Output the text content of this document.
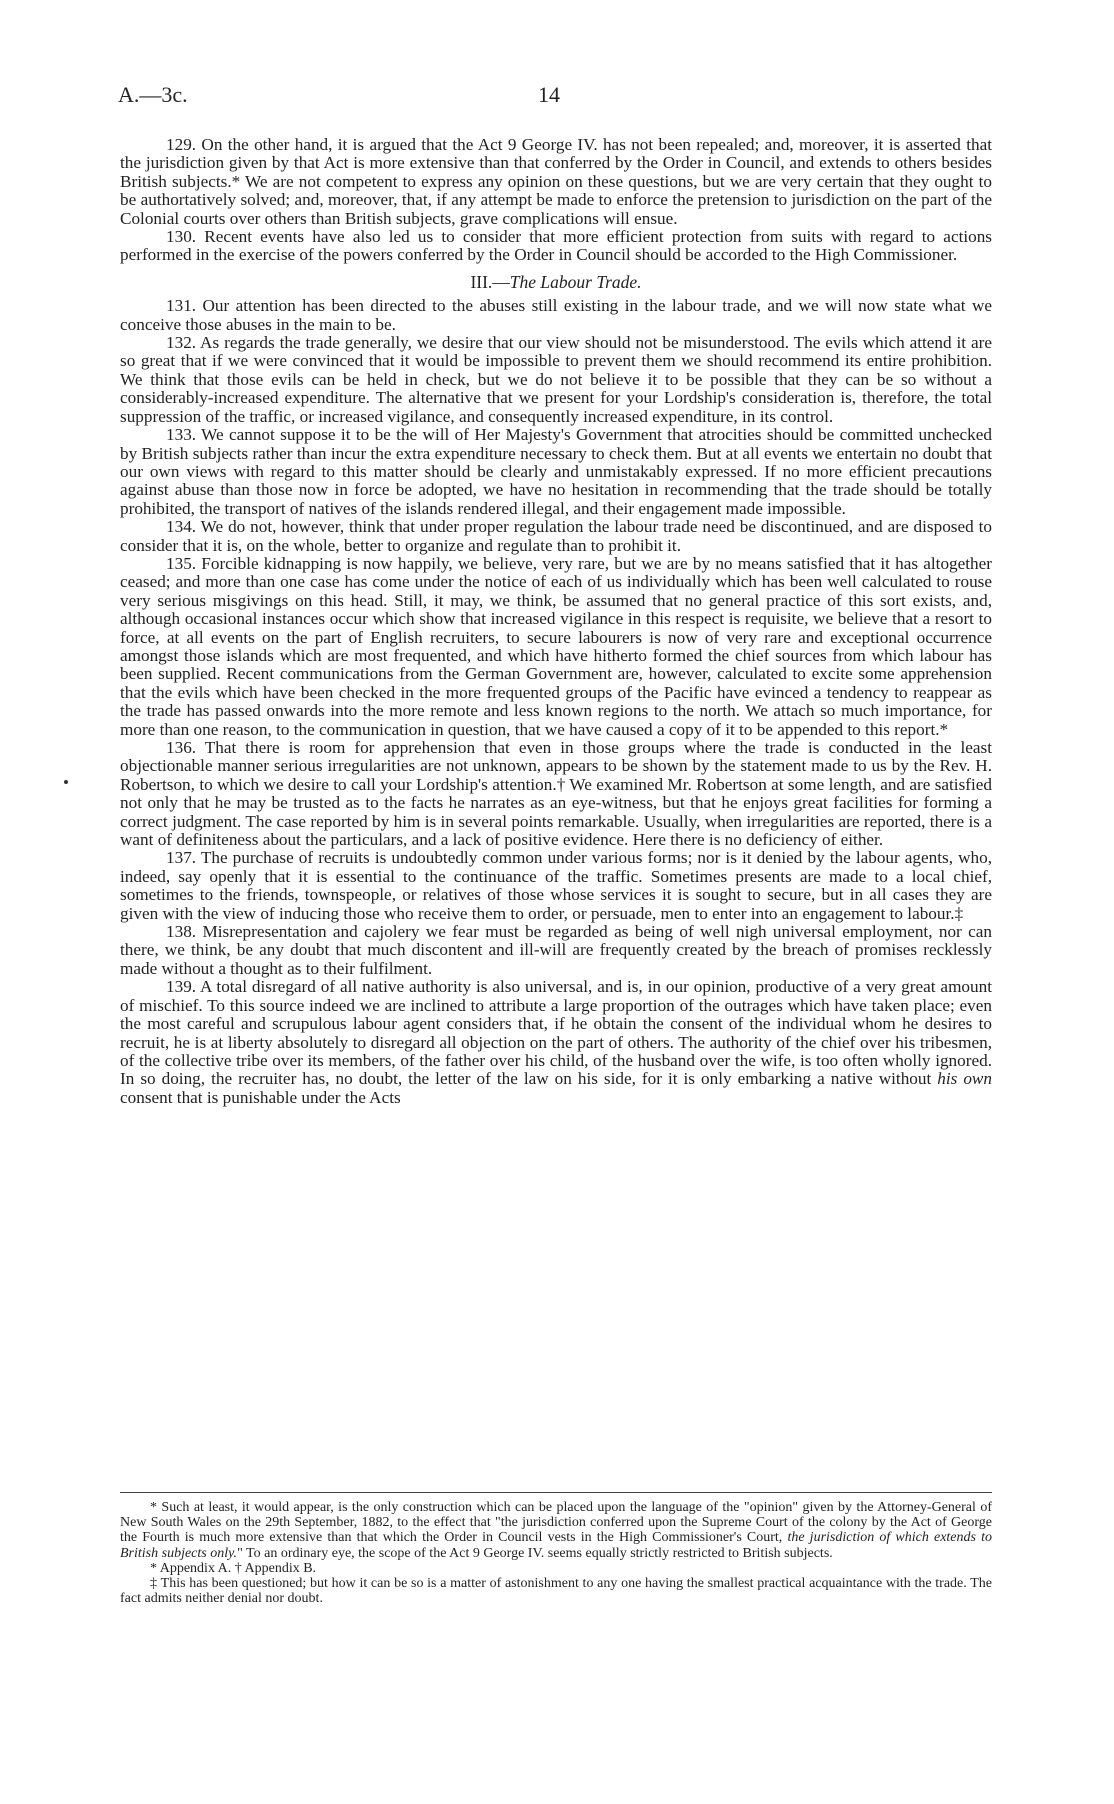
A.—3c.	14

129. On the other hand, it is argued that the Act 9 George IV. has not been repealed; and, moreover, it is asserted that the jurisdiction given by that Act is more extensive than that conferred by the Order in Council, and extends to others besides British subjects.* We are not competent to express any opinion on these questions, but we are very certain that they ought to be authortatively solved; and, moreover, that, if any attempt be made to enforce the pretension to jurisdiction on the part of the Colonial courts over others than British subjects, grave complications will ensue.

130. Recent events have also led us to consider that more efficient protection from suits with regard to actions performed in the exercise of the powers conferred by the Order in Council should be accorded to the High Commissioner.

III.—The Labour Trade.

131. Our attention has been directed to the abuses still existing in the labour trade, and we will now state what we conceive those abuses in the main to be.

132. As regards the trade generally, we desire that our view should not be misunderstood. The evils which attend it are so great that if we were convinced that it would be impossible to prevent them we should recommend its entire prohibition. We think that those evils can be held in check, but we do not believe it to be possible that they can be so without a considerably-increased expenditure. The alternative that we present for your Lordship's consideration is, therefore, the total suppression of the traffic, or increased vigilance, and consequently increased expenditure, in its control.

133. We cannot suppose it to be the will of Her Majesty's Government that atrocities should be committed unchecked by British subjects rather than incur the extra expenditure necessary to check them. But at all events we entertain no doubt that our own views with regard to this matter should be clearly and unmistakably expressed. If no more efficient precautions against abuse than those now in force be adopted, we have no hesitation in recommending that the trade should be totally prohibited, the transport of natives of the islands rendered illegal, and their engagement made impossible.

134. We do not, however, think that under proper regulation the labour trade need be discontinued, and are disposed to consider that it is, on the whole, better to organize and regulate than to prohibit it.

135. Forcible kidnapping is now happily, we believe, very rare, but we are by no means satisfied that it has altogether ceased; and more than one case has come under the notice of each of us individually which has been well calculated to rouse very serious misgivings on this head. Still, it may, we think, be assumed that no general practice of this sort exists, and, although occasional instances occur which show that increased vigilance in this respect is requisite, we believe that a resort to force, at all events on the part of English recruiters, to secure labourers is now of very rare and exceptional occurrence amongst those islands which are most frequented, and which have hitherto formed the chief sources from which labour has been supplied. Recent communications from the German Government are, however, calculated to excite some apprehension that the evils which have been checked in the more frequented groups of the Pacific have evinced a tendency to reappear as the trade has passed onwards into the more remote and less known regions to the north. We attach so much importance, for more than one reason, to the communication in question, that we have caused a copy of it to be appended to this report.*

136. That there is room for apprehension that even in those groups where the trade is conducted in the least objectionable manner serious irregularities are not unknown, appears to be shown by the statement made to us by the Rev. H. Robertson, to which we desire to call your Lordship's attention.† We examined Mr. Robertson at some length, and are satisfied not only that he may be trusted as to the facts he narrates as an eye-witness, but that he enjoys great facilities for forming a correct judgment. The case reported by him is in several points remarkable. Usually, when irregularities are reported, there is a want of definiteness about the particulars, and a lack of positive evidence. Here there is no deficiency of either.

137. The purchase of recruits is undoubtedly common under various forms; nor is it denied by the labour agents, who, indeed, say openly that it is essential to the continuance of the traffic. Sometimes presents are made to a local chief, sometimes to the friends, townspeople, or relatives of those whose services it is sought to secure, but in all cases they are given with the view of inducing those who receive them to order, or persuade, men to enter into an engagement to labour.‡

138. Misrepresentation and cajolery we fear must be regarded as being of well nigh universal employment, nor can there, we think, be any doubt that much discontent and ill-will are frequently created by the breach of promises recklessly made without a thought as to their fulfilment.

139. A total disregard of all native authority is also universal, and is, in our opinion, productive of a very great amount of mischief. To this source indeed we are inclined to attribute a large proportion of the outrages which have taken place; even the most careful and scrupulous labour agent considers that, if he obtain the consent of the individual whom he desires to recruit, he is at liberty absolutely to disregard all objection on the part of others. The authority of the chief over his tribesmen, of the collective tribe over its members, of the father over his child, of the husband over the wife, is too often wholly ignored. In so doing, the recruiter has, no doubt, the letter of the law on his side, for it is only embarking a native without his own consent that is punishable under the Acts

* Such at least, it would appear, is the only construction which can be placed upon the language of the "opinion" given by the Attorney-General of New South Wales on the 29th September, 1882, to the effect that "the jurisdiction conferred upon the Supreme Court of the colony by the Act of George the Fourth is much more extensive than that which the Order in Council vests in the High Commissioner's Court, the jurisdiction of which extends to British subjects only." To an ordinary eye, the scope of the Act 9 George IV. seems equally strictly restricted to British subjects.

* Appendix A. † Appendix B.

‡ This has been questioned; but how it can be so is a matter of astonishment to any one having the smallest practical acquaintance with the trade. The fact admits neither denial nor doubt.
